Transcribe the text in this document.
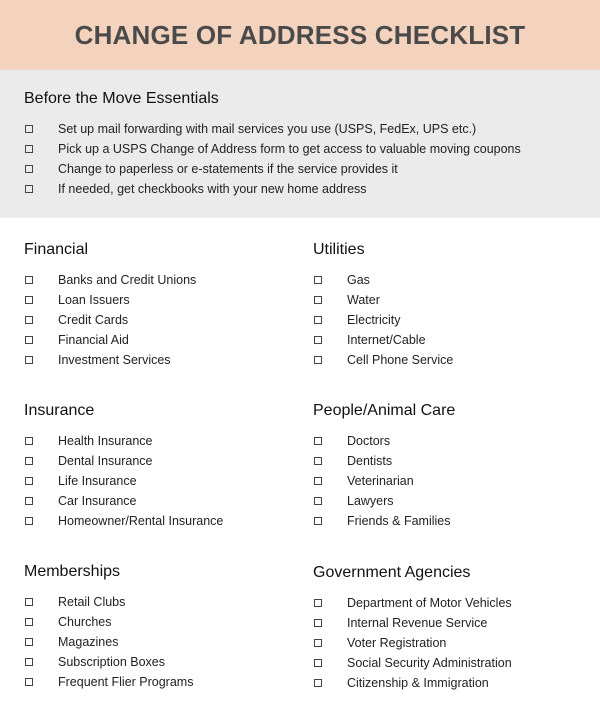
CHANGE OF ADDRESS CHECKLIST
Before the Move Essentials
Set up mail forwarding with mail services you use (USPS, FedEx, UPS etc.)
Pick up a USPS Change of Address form to get access to valuable moving coupons
Change to paperless or e-statements if the service provides it
If needed, get checkbooks with your new home address
Financial
Banks and Credit Unions
Loan Issuers
Credit Cards
Financial Aid
Investment Services
Utilities
Gas
Water
Electricity
Internet/Cable
Cell Phone Service
Insurance
Health Insurance
Dental Insurance
Life Insurance
Car Insurance
Homeowner/Rental Insurance
People/Animal Care
Doctors
Dentists
Veterinarian
Lawyers
Friends & Families
Memberships
Retail Clubs
Churches
Magazines
Subscription Boxes
Frequent Flier Programs
Government Agencies
Department of Motor Vehicles
Internal Revenue Service
Voter Registration
Social Security Administration
Citizenship & Immigration
